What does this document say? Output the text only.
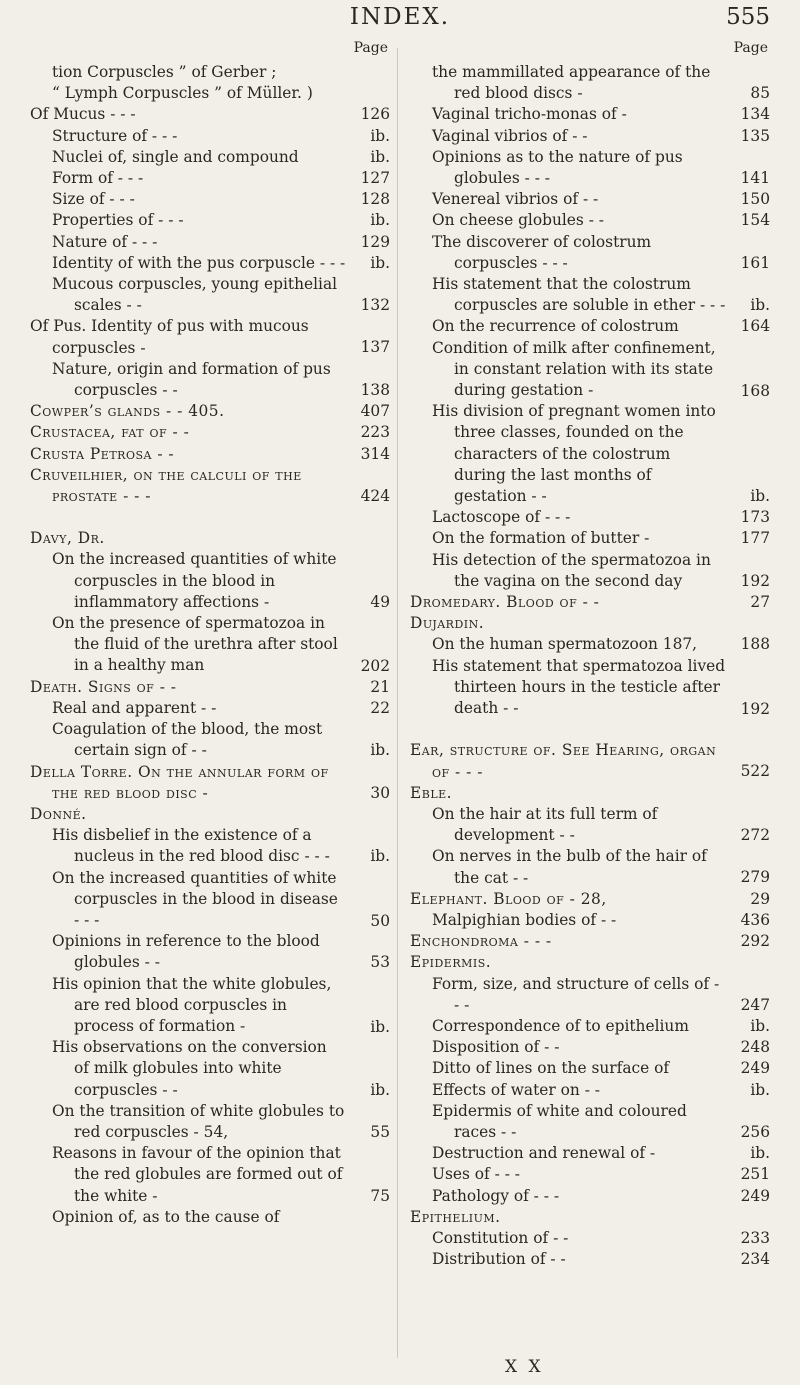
INDEX.	555
Page
tion Corpuscles ” of Gerber ;
“ Lymph Corpuscles ” of Müller. )
Of Mucus - - -	126
Structure of - - -	ib.
Nuclei of, single and compound	ib.
Form of - - -	127
Size of - - -	128
Properties of - - -	ib.
Nature of - - -	129
Identity of with the pus corpuscle - - -	ib.
Mucous corpuscles, young epithelial scales - -	132
Of Pus. Identity of pus with mucous corpuscles -	137
Nature, origin and formation of pus corpuscles - -	138
Cowper’s glands - - 405.	407
Crustacea, fat of - -	223
Crusta Petrosa - -	314
Cruveilhier, on the calculi of the prostate - - -	424
Davy, Dr.
On the increased quantities of white corpuscles in the blood in inflammatory affections -	49
On the presence of spermatozoa in the fluid of the urethra after stool in a healthy man	202
Death. Signs of - -	21
Real and apparent - -	22
Coagulation of the blood, the most certain sign of - -	ib.
Della Torre. On the annular form of the red blood disc -	30
Donné.
His disbelief in the existence of a nucleus in the red blood disc - - -	ib.
On the increased quantities of white corpuscles in the blood in disease - - -	50
Opinions in reference to the blood globules - -	53
His opinion that the white globules, are red blood corpuscles in process of formation -	ib.
His observations on the conversion of milk globules into white corpuscles - -	ib.
On the transition of white globules to red corpuscles - 54,	55
Reasons in favour of the opinion that the red globules are formed out of the white -	75
Opinion of, as to the cause of
Page
the mammillated appearance of the red blood discs -	85
Vaginal tricho-monas of -	134
Vaginal vibrios of - -	135
Opinions as to the nature of pus globules - - -	141
Venereal vibrios of - -	150
On cheese globules - -	154
The discoverer of colostrum corpuscles - - -	161
His statement that the colostrum corpuscles are soluble in ether - - -	ib.
On the recurrence of colostrum	164
Condition of milk after confinement, in constant relation with its state during gestation -	168
His division of pregnant women into three classes, founded on the characters of the colostrum during the last months of gestation - -	ib.
Lactoscope of - - -	173
On the formation of butter -	177
His detection of the spermatozoa in the vagina on the second day	192
Dromedary. Blood of - -	27
Dujardin.
On the human spermatozoon 187,	188
His statement that spermatozoa lived thirteen hours in the testicle after death - -	192
Ear, structure of. See Hearing, organ of - - -	522
Eble.
On the hair at its full term of development - -	272
On nerves in the bulb of the hair of the cat - -	279
Elephant. Blood of - 28,	29
Malpighian bodies of - -	436
Enchondroma - - -	292
Epidermis.
Form, size, and structure of cells of - - -	247
Correspondence of to epithelium	ib.
Disposition of - -	248
Ditto of lines on the surface of	249
Effects of water on - -	ib.
Epidermis of white and coloured races - -	256
Destruction and renewal of -	ib.
Uses of - - -	251
Pathology of - - -	249
Epithelium.
Constitution of - -	233
Distribution of - -	234
X X
